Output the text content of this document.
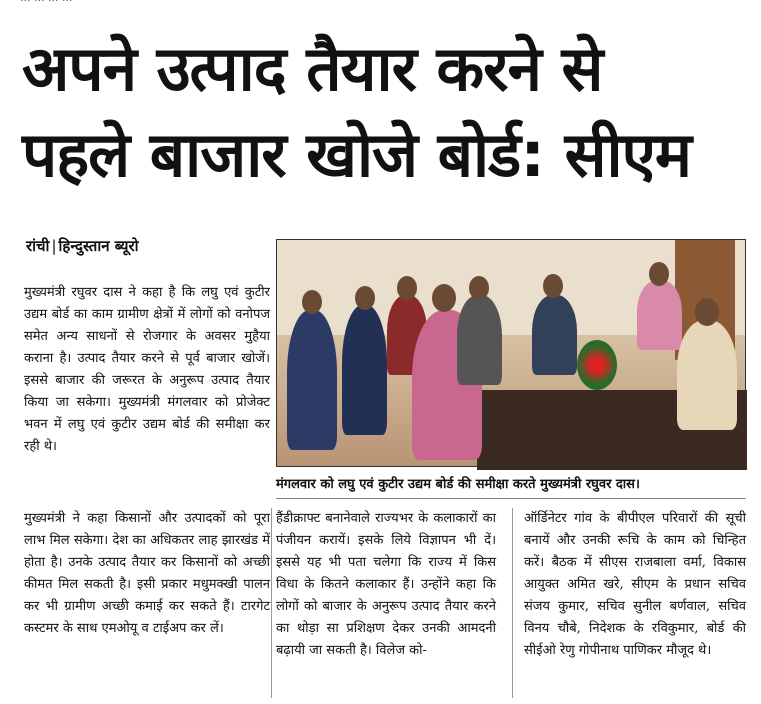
अपने उत्पाद तैयार करने से
पहले बाजार खोजे बोर्ड: सीएम
रांची | हिन्दुस्तान ब्यूरो
मुख्यमंत्री रघुवर दास ने कहा है कि लघु एवं कुटीर उद्यम बोर्ड का काम ग्रामीण क्षेत्रों में लोगों को वनोपज समेत अन्य साधनों से रोजगार के अवसर मुहैया कराना है। उत्पाद तैयार करने से पूर्व बाजार खोजें। इससे बाजार की जरूरत के अनुरूप उत्पाद तैयार किया जा सकेगा। मुख्यमंत्री मंगलवार को प्रोजेक्ट भवन में लघु एवं कुटीर उद्यम बोर्ड की समीक्षा कर रही थे।
मंगलवार को लघु एवं कुटीर उद्यम बोर्ड की समीक्षा करते मुख्यमंत्री रघुवर दास।
मुख्यमंत्री ने कहा किसानों और उत्पादकों को पूरा लाभ मिल सकेगा। देश का अधिकतर लाह झारखंड में होता है। उनके उत्पाद तैयार कर किसानों को अच्छी कीमत मिल सकती है। इसी प्रकार मधुमक्खी पालन कर भी ग्रामीण अच्छी कमाई कर सकते हैं। टारगेट कस्टमर के साथ एमओयू व टाईअप कर लें।
हैंडीक्राफ्ट बनानेवाले राज्यभर के कलाकारों का पंजीयन करायें। इसके लिये विज्ञापन भी दें। इससे यह भी पता चलेगा कि राज्य में किस विधा के कितने कलाकार हैं। उन्होंने कहा कि लोगों को बाजार के अनुरूप उत्पाद तैयार करने का थोड़ा सा प्रशिक्षण देकर उनकी आमदनी बढ़ायी जा सकती है। विलेज को-
ऑर्डिनेटर गांव के बीपीएल परिवारों की सूची बनायें और उनकी रूचि के काम को चिन्हित करें। बैठक में सीएस राजबाला वर्मा, विकास आयुक्त अमित खरे, सीएम के प्रधान सचिव संजय कुमार, सचिव सुनील बर्णवाल, सचिव विनय चौबे, निदेशक के रविकुमार, बोर्ड की सीईओ रेणु गोपीनाथ पाणिकर मौजूद थे।
